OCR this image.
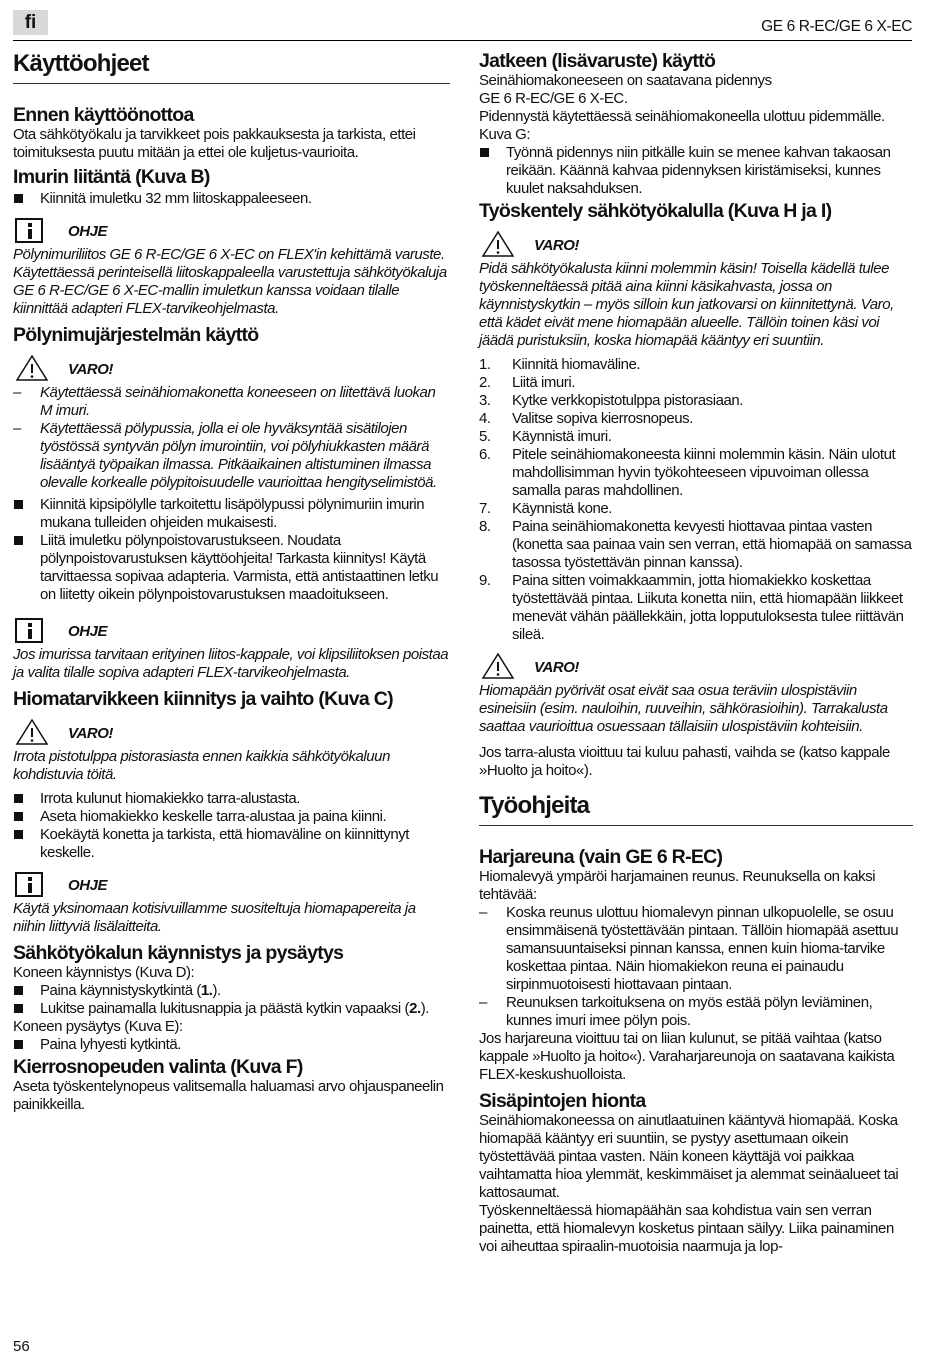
fi	GE 6 R-EC/GE 6 X-EC
Käyttöohjeet
Ennen käyttöönottoa

Ota sähkötyökalu ja tarvikkeet pois pakkauksesta ja tarkista, ettei toimituksesta puutu mitään ja ettei ole kuljetus-vaurioita.

Imurin liitäntä (Kuva B)

Kiinnitä imuletku 32 mm liitoskappaleeseen.

OHJE

Pölynimuriliitos GE 6 R-EC/GE 6 X-EC on FLEX'in kehittämä varuste. Käytettäessä perinteisellä liitoskappaleella varustettuja sähkötyökaluja GE 6 R-EC/GE 6 X-EC-mallin imuletkun kanssa voidaan tilalle kiinnittää adapteri FLEX-tarvikeohjelmasta.

Pölynimujärjestelmän käyttö
VARO!

– Käytettäessä seinähiomakonetta koneeseen on liitettävä luokan M imuri.

– Käytettäessä pölypussia, jolla ei ole hyväksyntää sisätilojen työstössä syntyvän pölyn imurointiin, voi pölyhiukkasten määrä lisääntyä työpaikan ilmassa. Pitkäaikainen altistuminen ilmassa olevalle korkealle pölypitoisuudelle vaurioittaa hengityselimistöä.

Kiinnitä kipsipölylle tarkoitettu lisäpölypussi pölynimuriin imurin mukana tulleiden ohjeiden mukaisesti.

Liitä imuletku pölynpoistovarustukseen. Noudata pölynpoistovarustuksen käyttöohjeita! Tarkasta kiinnitys! Käytä tarvittaessa sopivaa adapteria. Varmista, että antistaattinen letku on liitetty oikein pölynpoistovarustuksen maadoitukseen.

OHJE

Jos imurissa tarvitaan erityinen liitos-kappale, voi klipsiliitoksen poistaa ja valita tilalle sopiva adapteri FLEX-tarvikeohjelmasta.

Hiomatarvikkeen kiinnitys ja vaihto (Kuva C)
VARO!

Irrota pistotulppa pistorasiasta ennen kaikkia sähkötyökaluun kohdistuvia töitä.

Irrota kulunut hiomakiekko tarra-alustasta.

Aseta hiomakiekko keskelle tarra-alustaa ja paina kiinni.

Koekäytä konetta ja tarkista, että hiomaväline on kiinnittynyt keskelle.

OHJE

Käytä yksinomaan kotisivuillamme suositeltuja hiomapapereita ja niihin liittyviä lisälaitteita.

Sähkötyökalun käynnistys ja pysäytys

Koneen käynnistys (Kuva D):

Paina käynnistyskytkintä (1.).

Lukitse painamalla lukitusnappia ja päästä kytkin vapaaksi (2.).

Koneen pysäytys (Kuva E):

Paina lyhyesti kytkintä.

Kierrosnopeuden valinta (Kuva F)

Aseta työskentelynopeus valitsemalla haluamasi arvo ohjauspaneelin painikkeilla.

Jatkeen (lisävaruste) käyttö

Seinähiomakoneeseen on saatavana pidennys

GE 6 R-EC/GE 6 X-EC.

Pidennystä käytettäessä seinähiomakoneella ulottuu pidemmälle.

Kuva G:

Työnnä pidennys niin pitkälle kuin se menee kahvan takaosan reikään. Käännä kahvaa pidennyksen kiristämiseksi, kunnes kuulet naksahduksen.

Työskentely sähkötyökalulla (Kuva H ja I)
VARO!

Pidä sähkötyökalusta kiinni molemmin käsin! Toisella kädellä tulee työskenneltäessä pitää aina kiinni käsikahvasta, jossa on käynnistyskytkin – myös silloin kun jatkovarsi on kiinnitettynä. Varo, että kädet eivät mene hiomapään alueelle. Tällöin toinen käsi voi jäädä puristuksiin, koska hiomapää kääntyy eri suuntiin.

1. Kiinnitä hiomaväline.

2. Liitä imuri.

3. Kytke verkkopistotulppa pistorasiaan.

4. Valitse sopiva kierrosnopeus.

5. Käynnistä imuri.

6. Pitele seinähiomakoneesta kiinni molemmin käsin. Näin ulotut mahdollisimman hyvin työkohteeseen vipuvoiman ollessa samalla paras mahdollinen.

7. Käynnistä kone.

8. Paina seinähiomakonetta kevyesti hiottavaa pintaa vasten (konetta saa painaa vain sen verran, että hiomapää on samassa tasossa työstettävän pinnan kanssa).

9. Paina sitten voimakkaammin, jotta hiomakiekko koskettaa työstettävää pintaa. Liikuta konetta niin, että hiomapään liikkeet menevät vähän päällekkäin, jotta lopputuloksesta tulee riittävän sileä.

VARO!

Hiomapään pyörivät osat eivät saa osua teräviin ulospistäviin esineisiin (esim. nauloihin, ruuveihin, sähkörasioihin). Tarrakalusta saattaa vaurioittua osuessaan tällaisiin ulospistäviin kohteisiin.

Jos tarra-alusta vioittuu tai kuluu pahasti, vaihda se (katso kappale »Huolto ja hoito«).

Työohjeita
Harjareuna (vain GE 6 R-EC)

Hiomalevyä ympäröi harjamainen reunus. Reunuksella on kaksi tehtävää:

– Koska reunus ulottuu hiomalevyn pinnan ulkopuolelle, se osuu ensimmäisenä työstettävään pintaan. Tällöin hiomapää asettuu samansuuntaiseksi pinnan kanssa, ennen kuin hioma-tarvike koskettaa pintaa. Näin hiomakiekon reuna ei painaudu sirpinmuotoisesti hiottavaan pintaan.

– Reunuksen tarkoituksena on myös estää pölyn leviäminen, kunnes imuri imee pölyn pois.

Jos harjareuna vioittuu tai on liian kulunut, se pitää vaihtaa (katso kappale »Huolto ja hoito«). Varaharjareunoja on saatavana kaikista FLEX-keskushuolloista.

Sisäpintojen hionta

Seinähiomakoneessa on ainutlaatuinen kääntyvä hiomapää. Koska hiomapää kääntyy eri suuntiin, se pystyy asettumaan oikein työstettävää pintaa vasten. Näin koneen käyttäjä voi paikkaa vaihtamatta hioa ylemmät, keskimmäiset ja alemmat seinäalueet tai kattosaumat.

Työskenneltäessä hiomapäähän saa kohdistua vain sen verran painetta, että hiomalevyn kosketus pintaan säilyy. Liika painaminen voi aiheuttaa spiraalin-muotoisia naarmuja ja lop-

56
